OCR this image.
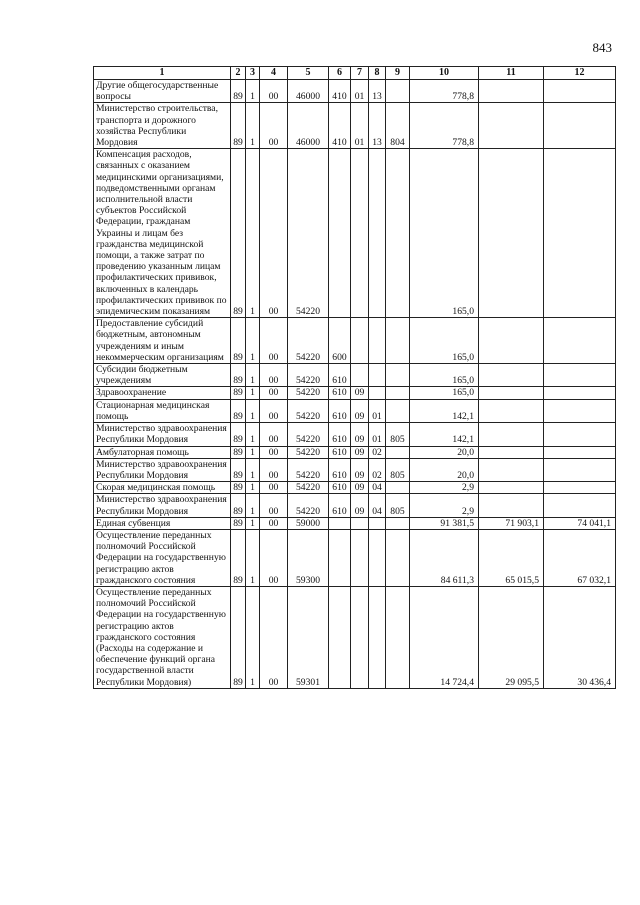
843
1	2	3	4	5	6	7	8	9	10	11	12
Другие общегосударственные вопросы	89	1	00	46000	410	01	13		778,8		
Министерство строительства, транспорта и дорожного хозяйства Республики Мордовия	89	1	00	46000	410	01	13	804	778,8		
Компенсация расходов, связанных с оказанием медицинскими организациями, подведомственными органам исполнительной власти субъектов Российской Федерации, гражданам Украины и лицам без гражданства медицинской помощи, а также затрат по проведению указанным лицам профилактических прививок, включенных в календарь профилактических прививок по эпидемическим показаниям	89	1	00	54220					165,0		
Предоставление субсидий бюджетным, автономным учреждениям и иным некоммерческим организациям	89	1	00	54220	600				165,0		
Субсидии бюджетным учреждениям	89	1	00	54220	610				165,0		
Здравоохранение	89	1	00	54220	610	09			165,0		
Стационарная медицинская помощь	89	1	00	54220	610	09	01		142,1		
Министерство здравоохранения Республики Мордовия	89	1	00	54220	610	09	01	805	142,1		
Амбулаторная помощь	89	1	00	54220	610	09	02		20,0		
Министерство здравоохранения Республики Мордовия	89	1	00	54220	610	09	02	805	20,0		
Скорая медицинская помощь	89	1	00	54220	610	09	04		2,9		
Министерство здравоохранения Республики Мордовия	89	1	00	54220	610	09	04	805	2,9		
Единая субвенция	89	1	00	59000					91 381,5	71 903,1	74 041,1
Осуществление переданных полномочий Российской Федерации на государственную регистрацию актов гражданского состояния	89	1	00	59300					84 611,3	65 015,5	67 032,1
Осуществление переданных полномочий Российской Федерации на государственную регистрацию актов гражданского состояния (Расходы на содержание и обеспечение функций органа государственной власти Республики Мордовия)	89	1	00	59301					14 724,4	29 095,5	30 436,4
